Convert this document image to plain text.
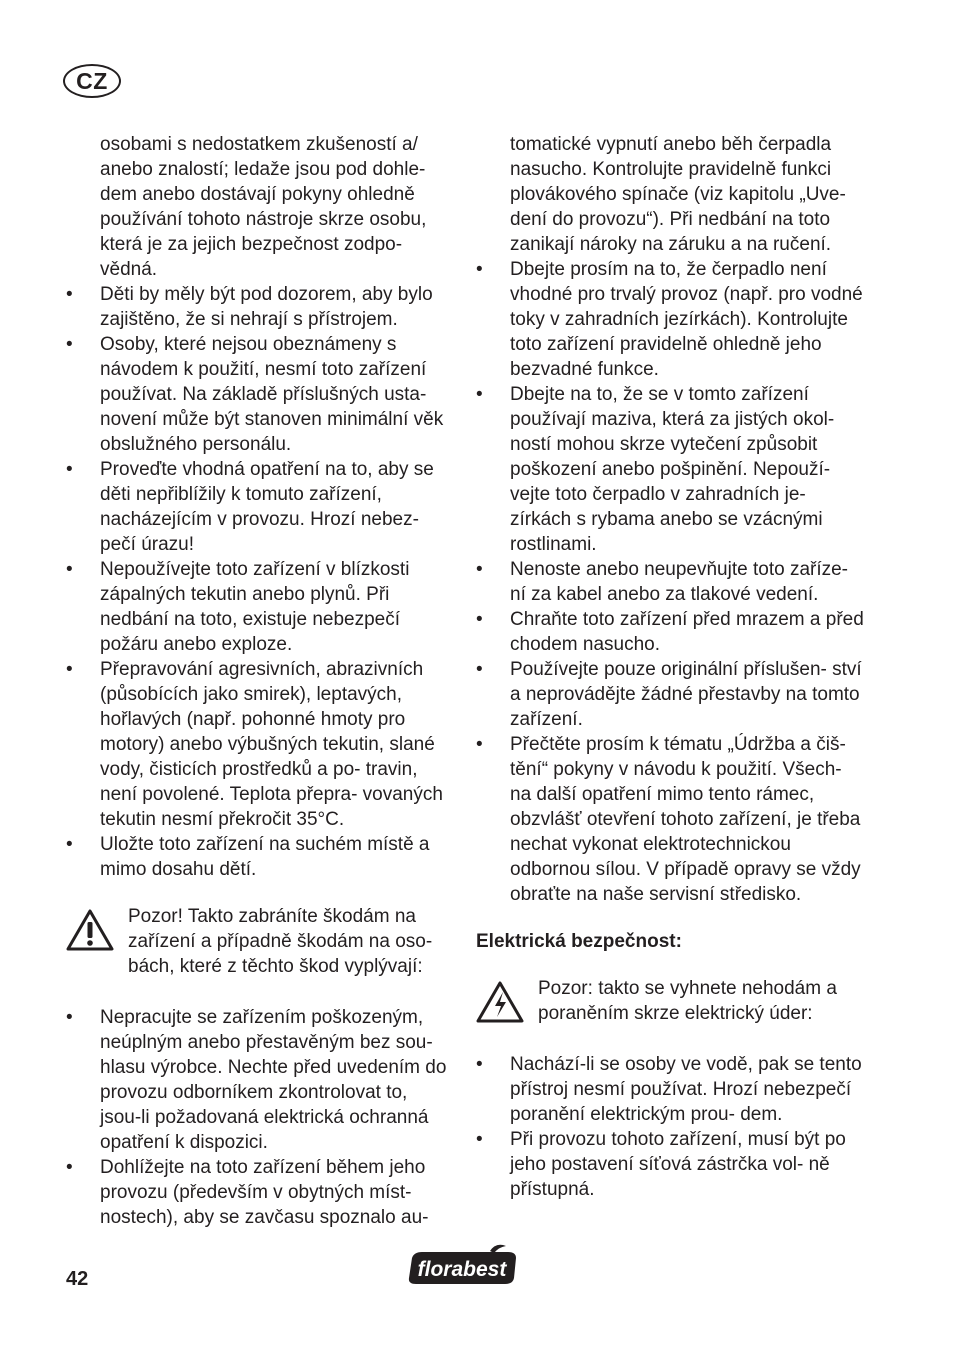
CZ

osobami s nedostatkem zkušeností a/ anebo znalostí; ledaže jsou pod dohle- dem anebo dostávají pokyny ohledně používání tohoto nástroje skrze osobu, která je za jejich bezpečnost zodpo- vědná.

• Děti by měly být pod dozorem, aby bylo zajištěno, že si nehrají s přístrojem.
• Osoby, které nejsou obeznámeny s návodem k použití, nesmí toto zařízení používat. Na základě příslušných usta- novení může být stanoven minimální věk obslužného personálu.
• Proveďte vhodná opatření na to, aby se děti nepřiblížily k tomuto zařízení, nacházejícím v provozu. Hrozí nebez- pečí úrazu!
• Nepoužívejte toto zařízení v blízkosti zápalných tekutin anebo plynů. Při nedbání na toto, existuje nebezpečí požáru anebo exploze.
• Přepravování agresivních, abrazivních (působících jako smirek), leptavých, hořlavých (např. pohonné hmoty pro motory) anebo výbušných tekutin, slané vody, čisticích prostředků a po- travin, není povolené. Teplota přepra- vovaných tekutin nesmí překročit 35°C.
• Uložte toto zařízení na suchém místě a mimo dosahu dětí.
Pozor! Takto zabráníte škodám na zařízení a případně škodám na oso- bách, které z těchto škod vyplývají:
• Nepracujte se zařízením poškozeným, neúplným anebo přestavěným bez sou- hlasu výrobce. Nechte před uvedením do provozu odborníkem zkontrolovat to, jsou-li požadovaná elektrická ochranná opatření k dispozici.
• Dohlížejte na toto zařízení během jeho provozu (především v obytných míst- nostech), aby se zavčasu spoznalo au-

tomatické vypnutí anebo běh čerpadla nasucho. Kontrolujte pravidelně funkci plovákového spínače (viz kapitolu „Uve- dení do provozu“). Při nedbání na toto zanikají nároky na záruku a na ručení.

• Dbejte prosím na to, že čerpadlo není vhodné pro trvalý provoz (např. pro vodné toky v zahradních jezírkách). Kontrolujte toto zařízení pravidelně ohledně jeho bezvadné funkce.
• Dbejte na to, že se v tomto zařízení používají maziva, která za jistých okol- ností mohou skrze vytečení způsobit poškození anebo pošpinění. Nepouží- vejte toto čerpadlo v zahradních je- zírkách s rybama anebo se vzácnými rostlinami.
• Nenoste anebo neupevňujte toto zaříze- ní za kabel anebo za tlakové vedení.
• Chraňte toto zařízení před mrazem a před chodem nasucho.
• Používejte pouze originální příslušen- ství a neprovádějte žádné přestavby na tomto zařízení.
• Přečtěte prosím k tématu „Údržba a čiš- tění“ pokyny v návodu k použití. Všech- na další opatření mimo tento rámec, obzvlášť otevření tohoto zařízení, je třeba nechat vykonat elektrotechnickou odbornou sílou. V případě opravy se vždy obraťte na naše servisní středisko.
Elektrická bezpečnost:
Pozor: takto se vyhnete nehodám a poraněním skrze elektrický úder:
• Nachází-li se osoby ve vodě, pak se tento přístroj nesmí používat. Hrozí nebezpečí poranění elektrickým prou- dem.
• Při provozu tohoto zařízení, musí být po jeho postavení síťová zástrčka vol- ně přístupná.
42	florabest
